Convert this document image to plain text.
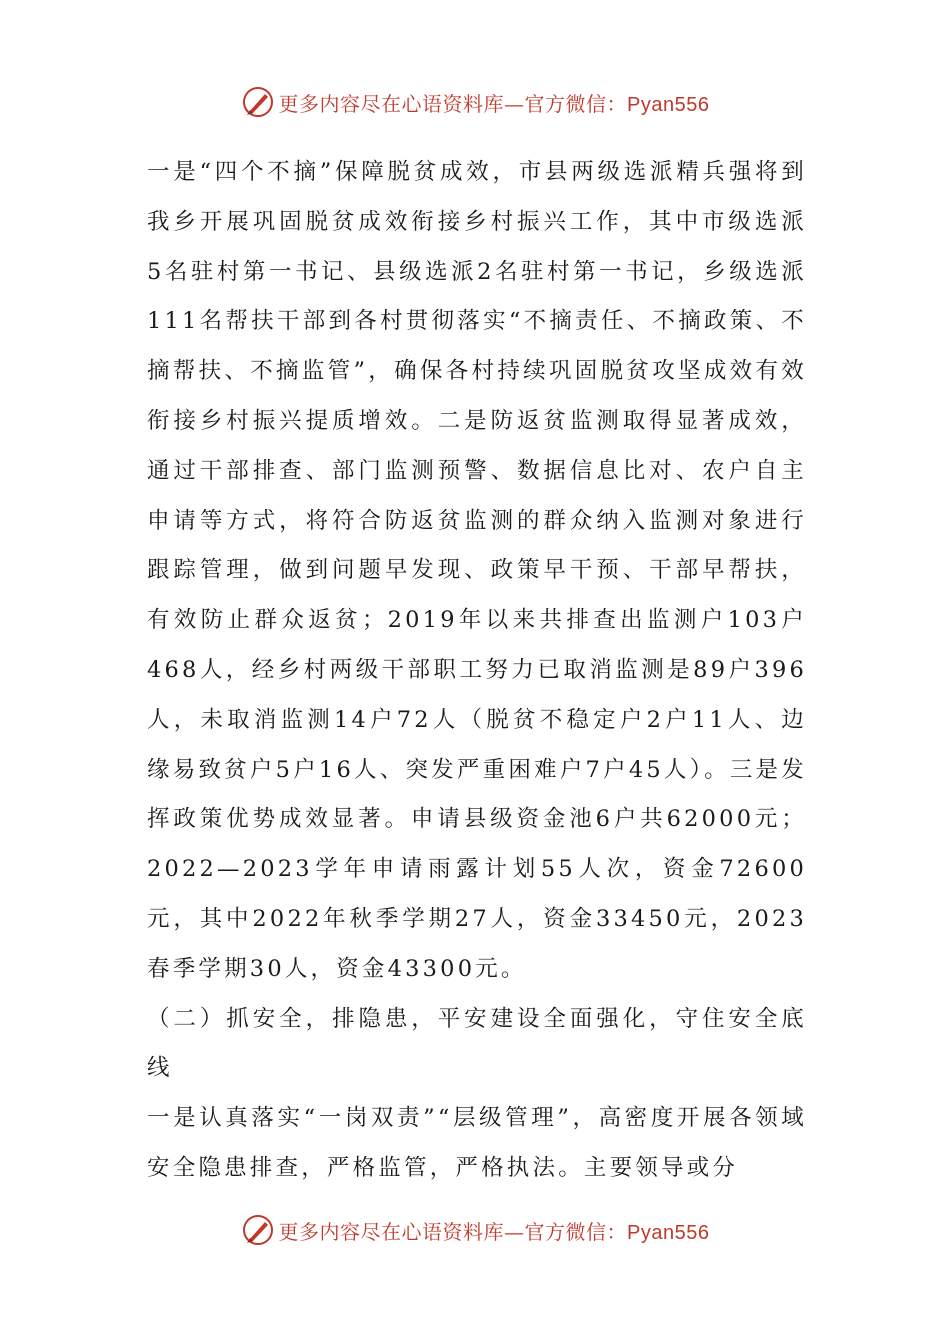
更多内容尽在心语资料库—官方微信：Pyan556

一是“四个不摘”保障脱贫成效，市县两级选派精兵强将到我乡开展巩固脱贫成效衔接乡村振兴工作，其中市级选派5名驻村第一书记、县级选派2名驻村第一书记，乡级选派111名帮扶干部到各村贯彻落实“不摘责任、不摘政策、不摘帮扶、不摘监管”，确保各村持续巩固脱贫攻坚成效有效衔接乡村振兴提质增效。二是防返贫监测取得显著成效，通过干部排查、部门监测预警、数据信息比对、农户自主申请等方式，将符合防返贫监测的群众纳入监测对象进行跟踪管理，做到问题早发现、政策早干预、干部早帮扶，有效防止群众返贫；2019年以来共排查出监测户103户468人，经乡村两级干部职工努力已取消监测是89户396人，未取消监测14户72人（脱贫不稳定户2户11人、边缘易致贫户5户16人、突发严重困难户7户45人）。三是发挥政策优势成效显著。申请县级资金池6户共62000元；2022—2023学年申请雨露计划55人次，资金72600元，其中2022年秋季学期27人，资金33450元，2023春季学期30人，资金43300元。

（二）抓安全，排隐患，平安建设全面强化，守住安全底线

一是认真落实“一岗双责”“层级管理”，高密度开展各领域安全隐患排查，严格监管，严格执法。主要领导或分

更多内容尽在心语资料库—官方微信：Pyan556
